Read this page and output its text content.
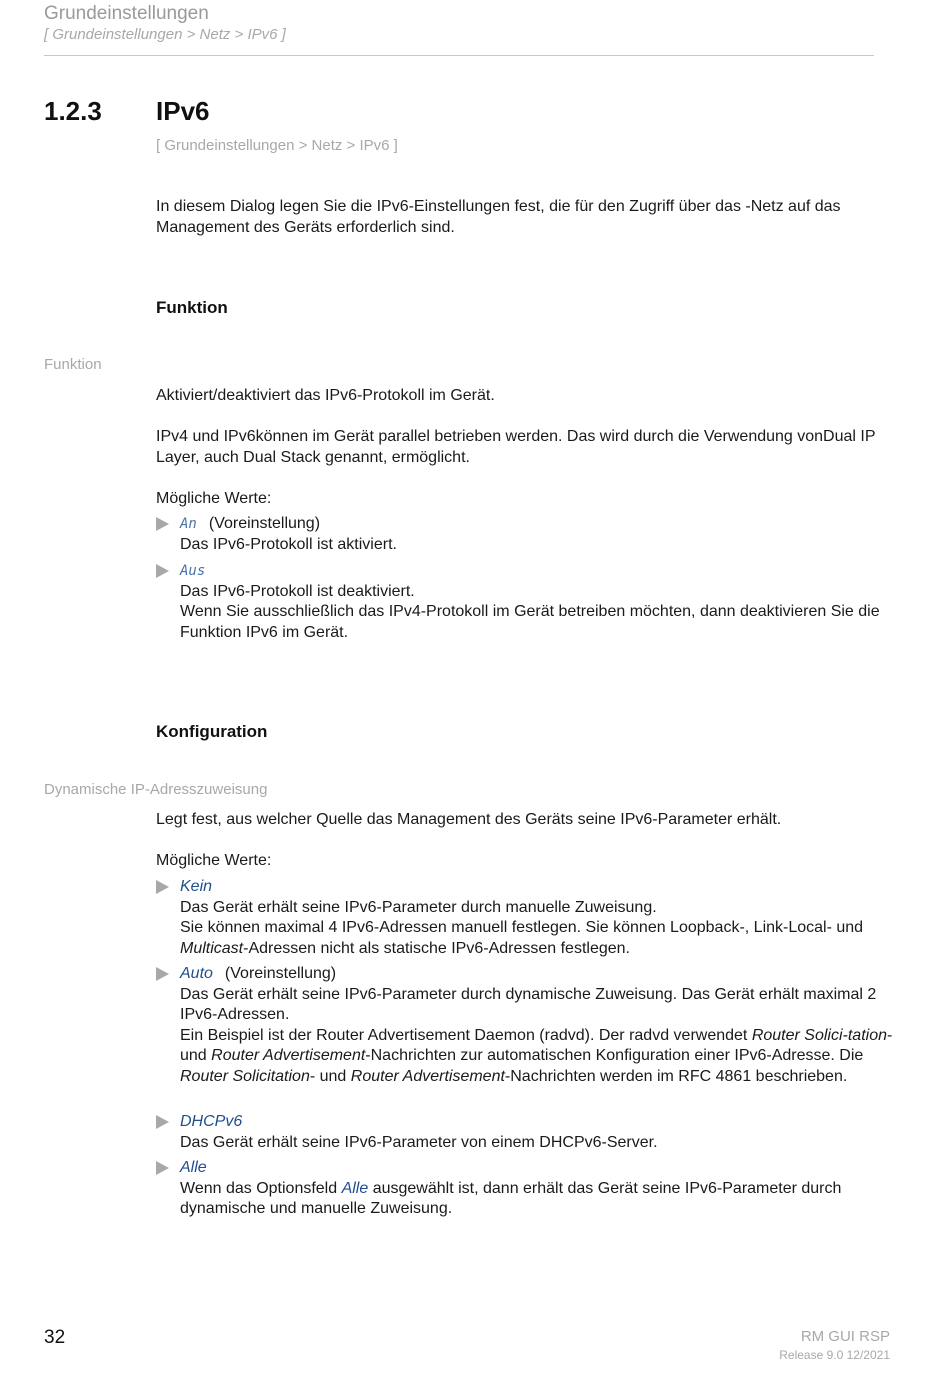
Grundeinstellungen
[ Grundeinstellungen > Netz > IPv6 ]
1.2.3 IPv6
[ Grundeinstellungen > Netz > IPv6 ]
In diesem Dialog legen Sie die IPv6-Einstellungen fest, die für den Zugriff über das -Netz auf das Management des Geräts erforderlich sind.
Funktion
Funktion
Aktiviert/deaktiviert das IPv6-Protokoll im Gerät.
IPv4 und IPv6können im Gerät parallel betrieben werden. Das wird durch die Verwendung vonDual IP Layer, auch Dual Stack genannt, ermöglicht.
Mögliche Werte:
An (Voreinstellung)
Das IPv6-Protokoll ist aktiviert.
Aus
Das IPv6-Protokoll ist deaktiviert.
Wenn Sie ausschließlich das IPv4-Protokoll im Gerät betreiben möchten, dann deaktivieren Sie die Funktion IPv6 im Gerät.
Konfiguration
Dynamische IP-Adresszuweisung
Legt fest, aus welcher Quelle das Management des Geräts seine IPv6-Parameter erhält.
Mögliche Werte:
Kein
Das Gerät erhält seine IPv6-Parameter durch manuelle Zuweisung.
Sie können maximal 4 IPv6-Adressen manuell festlegen. Sie können Loopback-, Link-Local- und Multicast-Adressen nicht als statische IPv6-Adressen festlegen.
Auto (Voreinstellung)
Das Gerät erhält seine IPv6-Parameter durch dynamische Zuweisung. Das Gerät erhält maximal 2 IPv6-Adressen.
Ein Beispiel ist der Router Advertisement Daemon (radvd). Der radvd verwendet Router Solici-tation- und Router Advertisement-Nachrichten zur automatischen Konfiguration einer IPv6-Adresse. Die Router Solicitation- und Router Advertisement-Nachrichten werden im RFC 4861 beschrieben.
DHCPv6
Das Gerät erhält seine IPv6-Parameter von einem DHCPv6-Server.
Alle
Wenn das Optionsfeld Alle ausgewählt ist, dann erhält das Gerät seine IPv6-Parameter durch dynamische und manuelle Zuweisung.
32	RM GUI RSP
Release 9.0 12/2021
